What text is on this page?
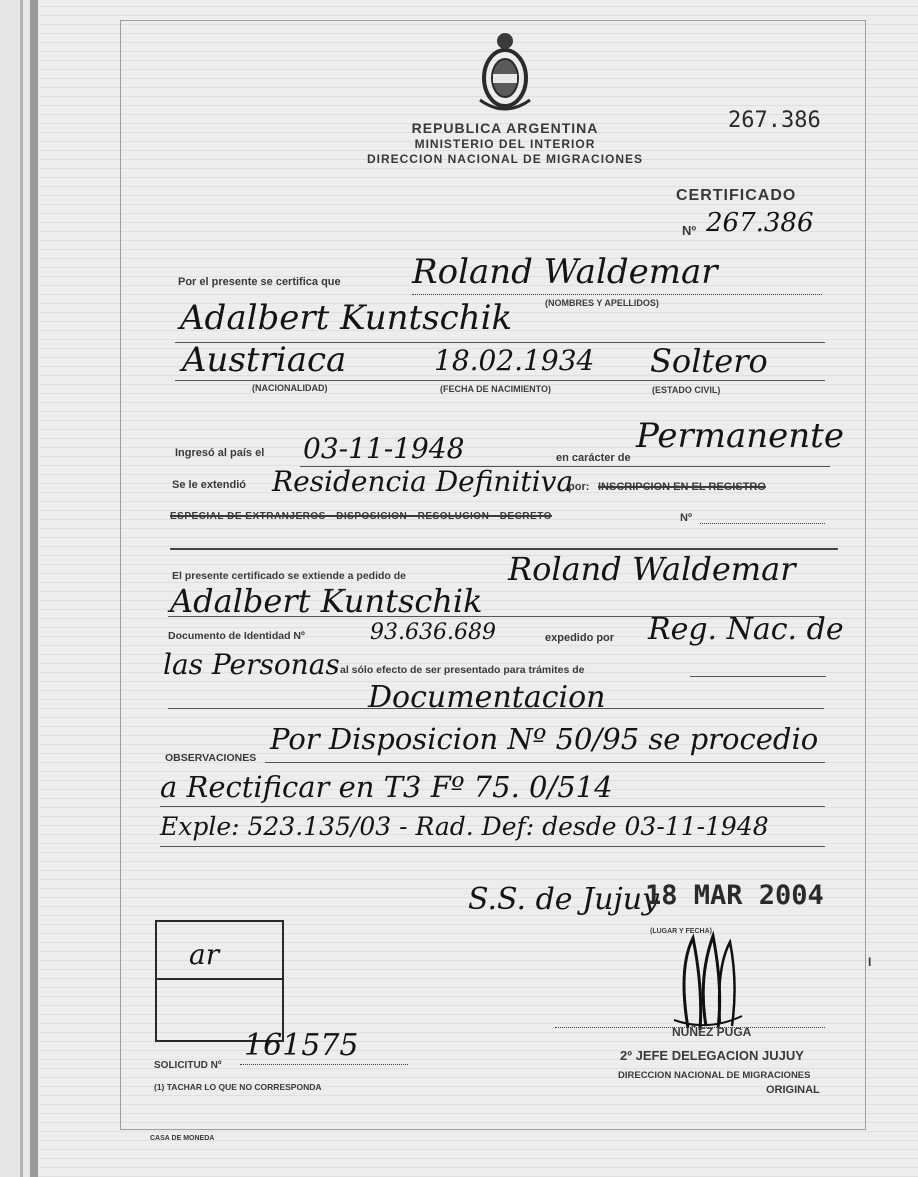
REPUBLICA ARGENTINA
MINISTERIO DEL INTERIOR
DIRECCION NACIONAL DE MIGRACIONES
267.386
CERTIFICADO
Nº 267.386
Por el presente se certifica que Roland Waldemar
(NOMBRES Y APELLIDOS)
Adalbert Kuntschik
Austriaca	18.02.1934 Soltero
(NACIONALIDAD)	(FECHA DE NACIMIENTO)	(ESTADO CIVIL)
Ingresó al país el 03-11-1948	en carácter de
Permanente
Se le extendió Residencia Definitiva
por: INSCRIPCION EN EL REGISTRO
ESPECIAL DE EXTRANJEROS - DISPOSICION - RESOLUCION - DECRETO	Nº
El presente certificado se extiende a pedido de	Roland Waldemar
Adalbert Kuntschik
Documento de Identidad Nº	93.636.689	expedido por Reg. Nac. de
las Personas al sólo efecto de ser presentado para trámites de
Documentacion
OBSERVACIONES
Por Disposicion Nº 50/95 se procedio
a Rectificar en T3 Fº 75. 0/514
Exple: 523.135/03 - Rad. Def: desde 03-11-1948
S.S. de Jujuy
18 MAR 2004
(LUGAR Y FECHA)
ar
SOLICITUD Nº
161575
(1) TACHAR LO QUE NO CORRESPONDA
CASA DE MONEDA
NUÑEZ PUGA
2º JEFE DELEGACION JUJUY
DIRECCION NACIONAL DE MIGRACIONES
ORIGINAL
I
